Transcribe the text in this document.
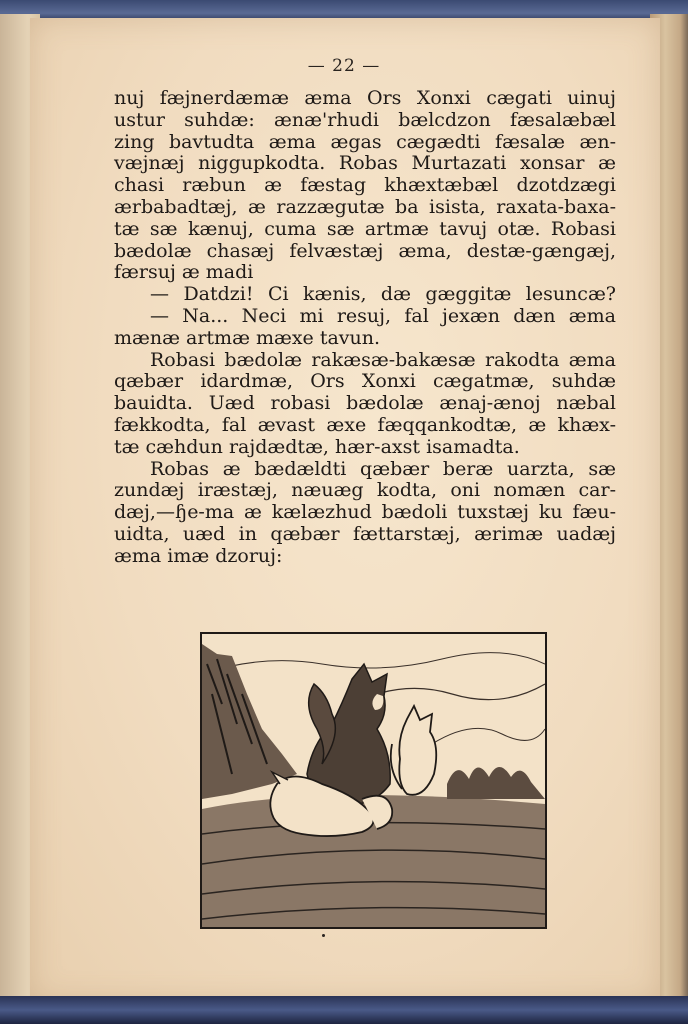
— 22 —
nuj fæjnerdæmæ æma Ors Xonxi cægati uinuj
ustur suhdæ: ænæ'rhudi bælcdzon fæsalæbæl
zing bavtudta æma ægas cægædti fæsalæ æn-
væjnæj niggupkodta. Robas Murtazati xonsar æ
chasi ræbun æ fæstag khæxtæbæl dzotdzægi
ærbabadtæj, æ razzægutæ ba isista, raxata-baxa-
tæ sæ kænuj, cuma sæ artmæ tavuj otæ. Robasi
bædolæ chasæj felvæstæj æma, destæ-gængæj,
færsuj æ madi
— Datdzi! Ci kænis, dæ gæggitæ lesuncæ?
— Na... Neci mi resuj, fal jexæn dæn æma
mænæ artmæ mæxe tavun.
Robasi bædolæ rakæsæ-bakæsæ rakodta æma
qæbær idardmæ, Ors Xonxi cægatmæ, suhdæ
bauidta. Uæd robasi bædolæ ænaj-ænoj næbal
fækkodta, fal ævast æxe fæqqankodtæ, æ khæx-
tæ cæhdun rajdædtæ, hær-axst isamadta.
Robas æ bædældti qæbær beræ uarzta, sæ
zundæj iræstæj, næuæg kodta, oni nomæn car-
dæj,—ɧe-ma æ kælæzhud bædoli tuxstæj ku fæu-
uidta, uæd in qæbær fættarstæj, ærimæ uadæj
æma imæ dzoruj:
